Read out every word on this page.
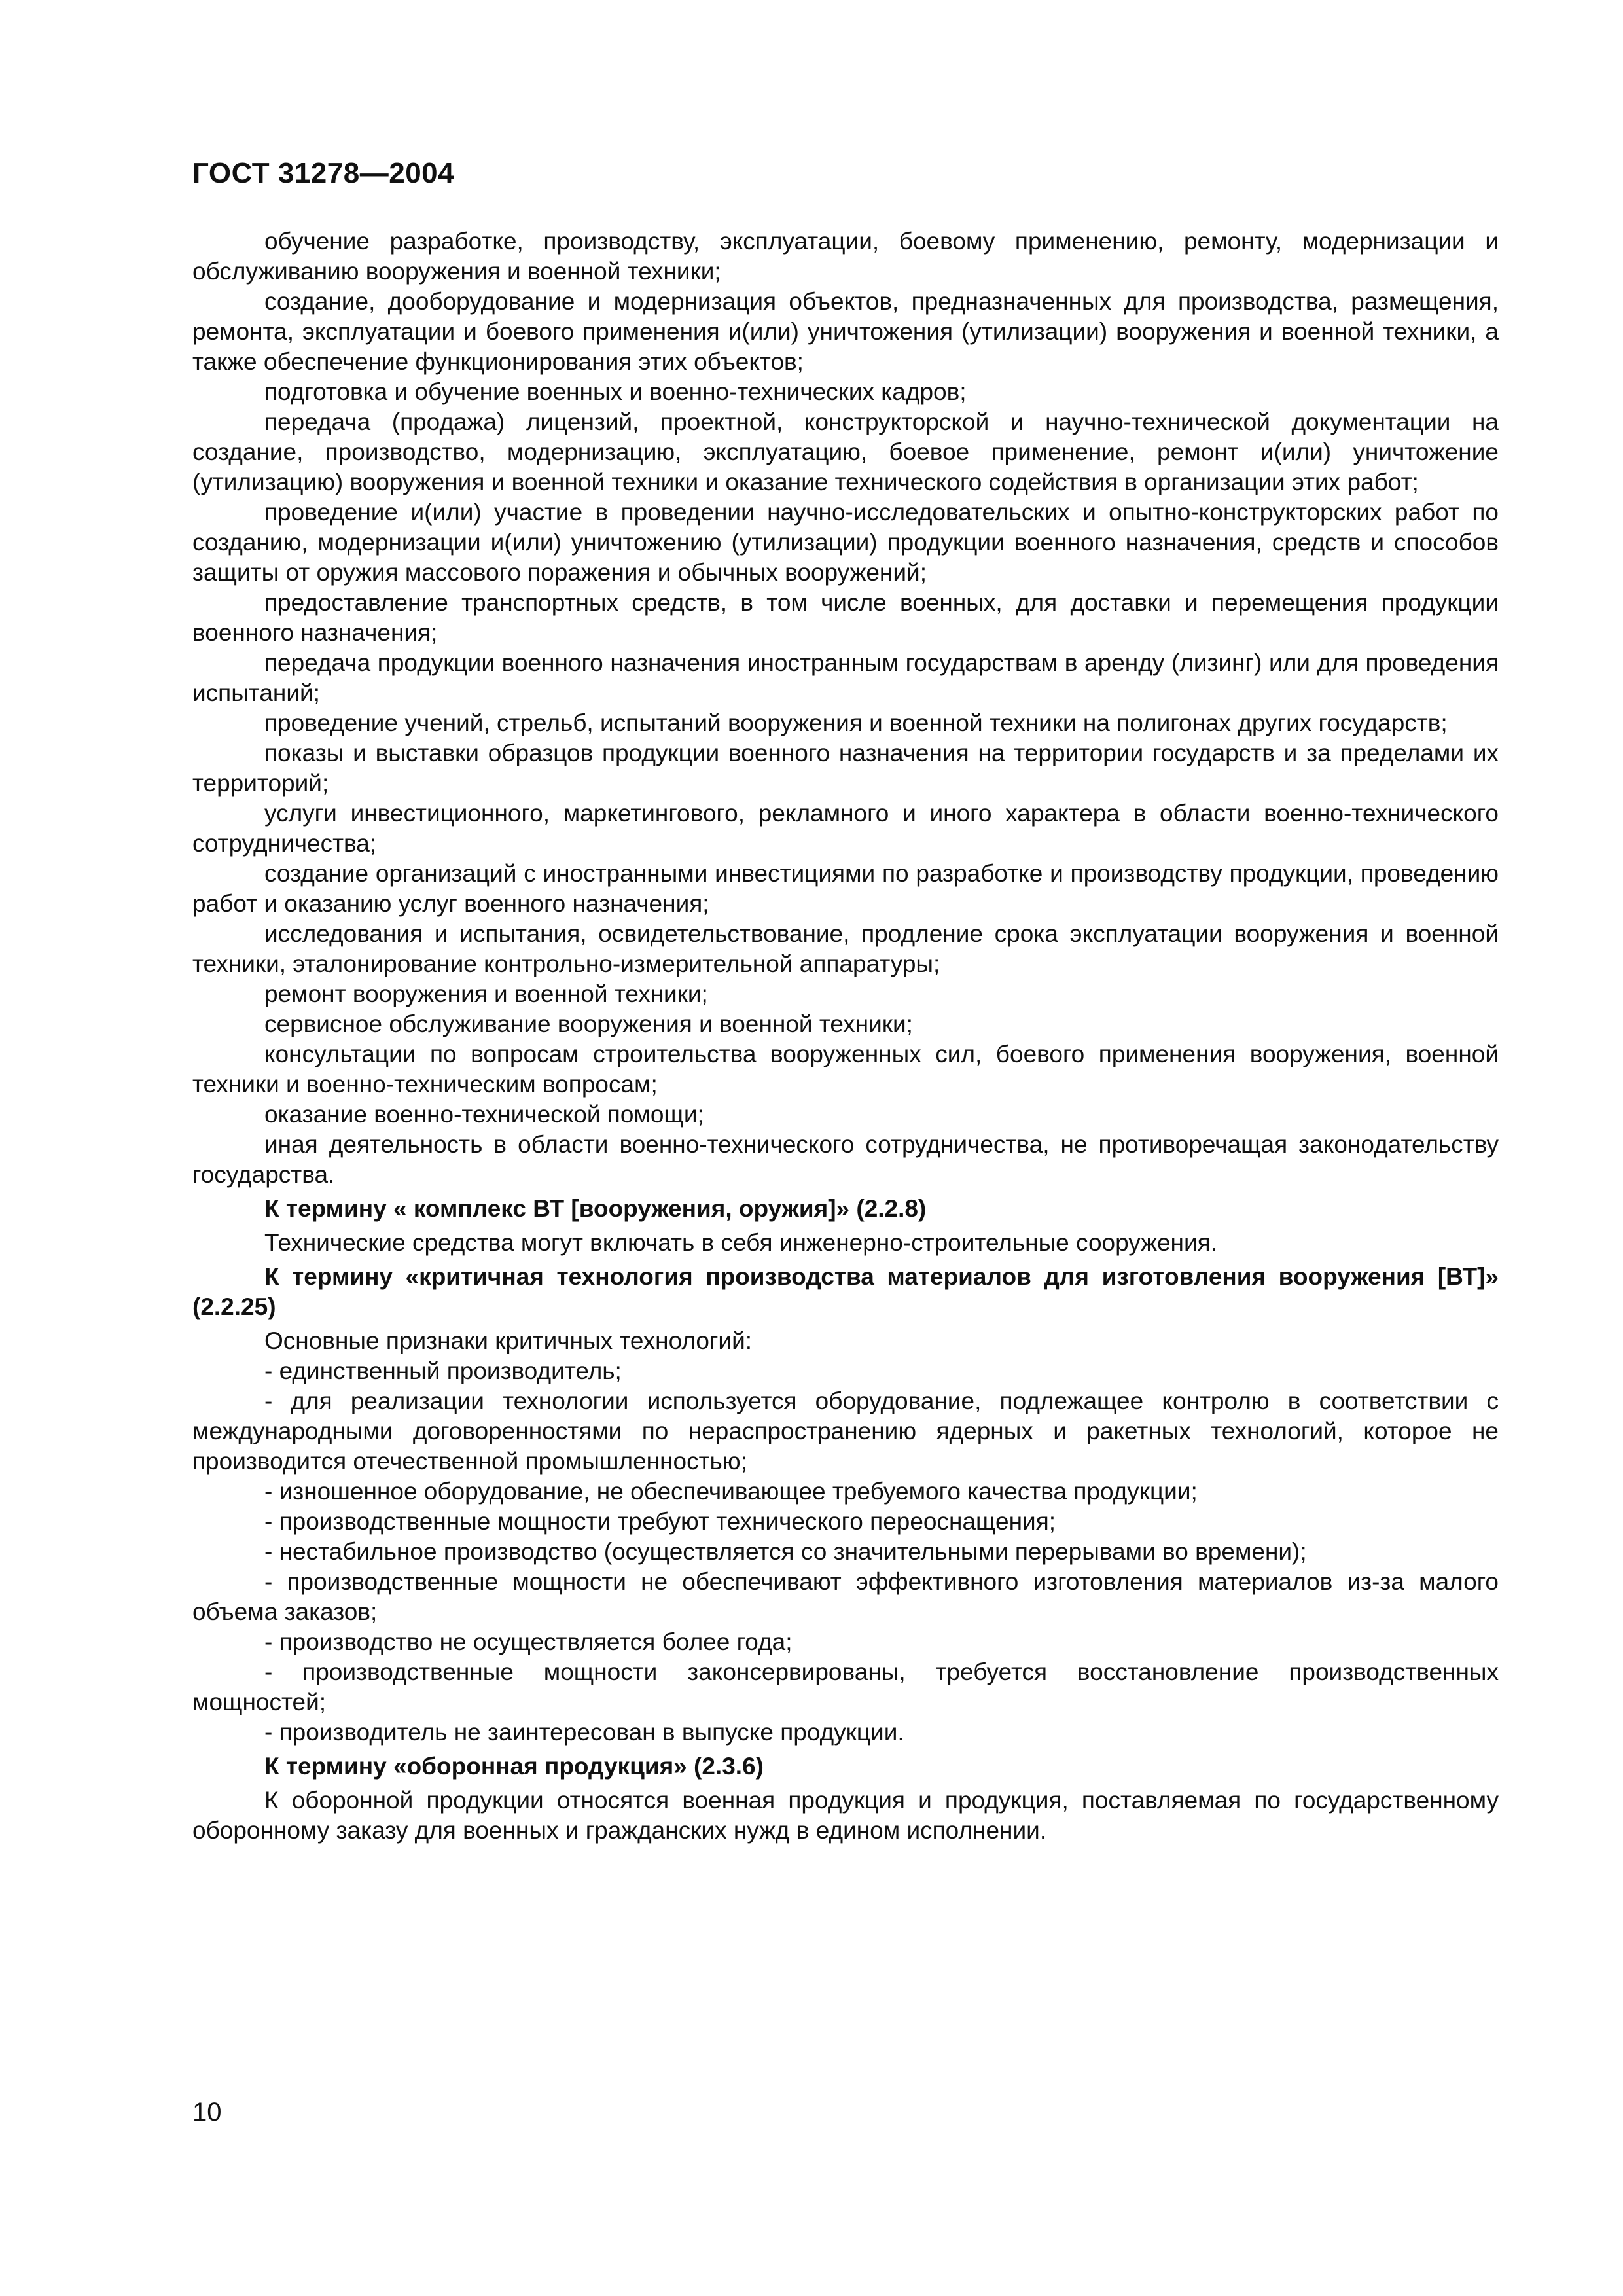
ГОСТ 31278—2004

обучение разработке, производству, эксплуатации, боевому применению, ремонту, модернизации и обслуживанию вооружения и военной техники;

создание, дооборудование и модернизация объектов, предназначенных для производства, размещения, ремонта, эксплуатации и боевого применения и(или) уничтожения (утилизации) вооружения и военной техники, а также обеспечение функционирования этих объектов;

подготовка и обучение военных и военно-технических кадров;

передача (продажа) лицензий, проектной, конструкторской и научно-технической документации на создание, производство, модернизацию, эксплуатацию, боевое применение, ремонт и(или) уничтожение (утилизацию) вооружения и военной техники и оказание технического содействия в организации этих работ;

проведение и(или) участие в проведении научно-исследовательских и опытно-конструкторских работ по созданию, модернизации и(или) уничтожению (утилизации) продукции военного назначения, средств и способов защиты от оружия массового поражения и обычных вооружений;

предоставление транспортных средств, в том числе военных, для доставки и перемещения продукции военного назначения;

передача продукции военного назначения иностранным государствам в аренду (лизинг) или для проведения испытаний;

проведение учений, стрельб, испытаний вооружения и военной техники на полигонах других государств;

показы и выставки образцов продукции военного назначения на территории государств и за пределами их территорий;

услуги инвестиционного, маркетингового, рекламного и иного характера в области военно-технического сотрудничества;

создание организаций с иностранными инвестициями по разработке и производству продукции, проведению работ и оказанию услуг военного назначения;

исследования и испытания, освидетельствование, продление срока эксплуатации вооружения и военной техники, эталонирование контрольно-измерительной аппаратуры;

ремонт вооружения и военной техники;

сервисное обслуживание вооружения и военной техники;

консультации по вопросам строительства вооруженных сил, боевого применения вооружения, военной техники и военно-техническим вопросам;

оказание военно-технической помощи;

иная деятельность в области военно-технического сотрудничества, не противоречащая законодательству государства.

К термину « комплекс ВТ [вооружения, оружия]» (2.2.8)

Технические средства могут включать в себя инженерно-строительные сооружения.

К термину «критичная технология производства материалов для изготовления вооружения [ВТ]» (2.2.25)

Основные признаки критичных технологий:

- единственный производитель;

- для реализации технологии используется оборудование, подлежащее контролю в соответствии с международными договоренностями по нераспространению ядерных и ракетных технологий, которое не производится отечественной промышленностью;

- изношенное оборудование, не обеспечивающее требуемого качества продукции;

- производственные мощности требуют технического переоснащения;

- нестабильное производство (осуществляется со значительными перерывами во времени);

- производственные мощности не обеспечивают эффективного изготовления материалов из-за малого объема заказов;

- производство не осуществляется более года;

- производственные мощности законсервированы, требуется восстановление производственных мощностей;

- производитель не заинтересован в выпуске продукции.

К термину «оборонная продукция» (2.3.6)

К оборонной продукции относятся военная продукция и продукция, поставляемая по государственному оборонному заказу для военных и гражданских нужд в едином исполнении.

10
